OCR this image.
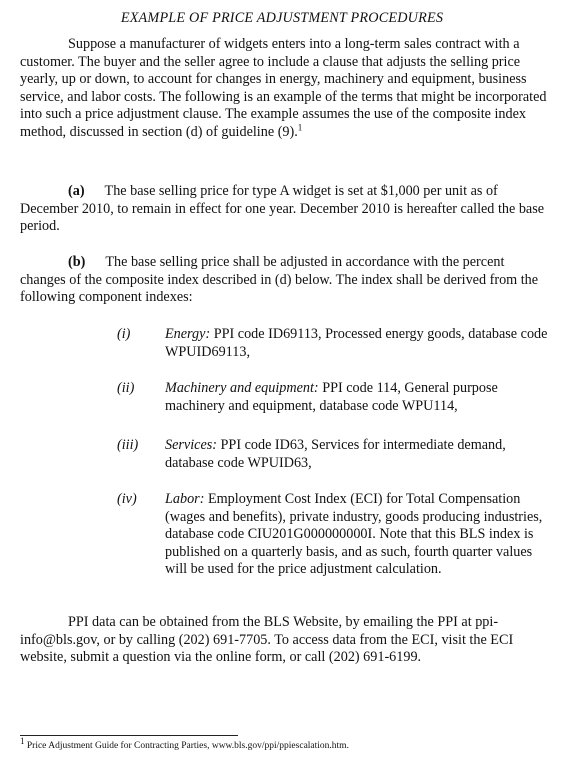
EXAMPLE OF PRICE ADJUSTMENT PROCEDURES

Suppose a manufacturer of widgets enters into a long-term sales contract with a customer. The buyer and the seller agree to include a clause that adjusts the selling price yearly, up or down, to account for changes in energy, machinery and equipment, business service, and labor costs. The following is an example of the terms that might be incorporated into such a price adjustment clause. The example assumes the use of the composite index method, discussed in section (d) of guideline (9).$^1$

(a) The base selling price for type A widget is set at $1,000 per unit as of December 2010, to remain in effect for one year. December 2010 is hereafter called the base period.

(b) The base selling price shall be adjusted in accordance with the percent changes of the composite index described in (d) below. The index shall be derived from the following component indexes:

(i) Energy: PPI code ID69113, Processed energy goods, database code WPUID69113,
(ii) Machinery and equipment: PPI code 114, General purpose machinery and equipment, database code WPU114,
(iii) Services: PPI code ID63, Services for intermediate demand, database code WPUID63,
(iv) Labor: Employment Cost Index (ECI) for Total Compensation (wages and benefits), private industry, goods producing industries, database code CIU201G000000000I. Note that this BLS index is published on a quarterly basis, and as such, fourth quarter values will be used for the price adjustment calculation.

PPI data can be obtained from the BLS Website, by emailing the PPI at ppi-info@bls.gov, or by calling (202) 691-7705. To access data from the ECI, visit the ECI website, submit a question via the online form, or call (202) 691-6199.

$^1$ Price Adjustment Guide for Contracting Parties, www.bls.gov/ppi/ppiescalation.htm.
